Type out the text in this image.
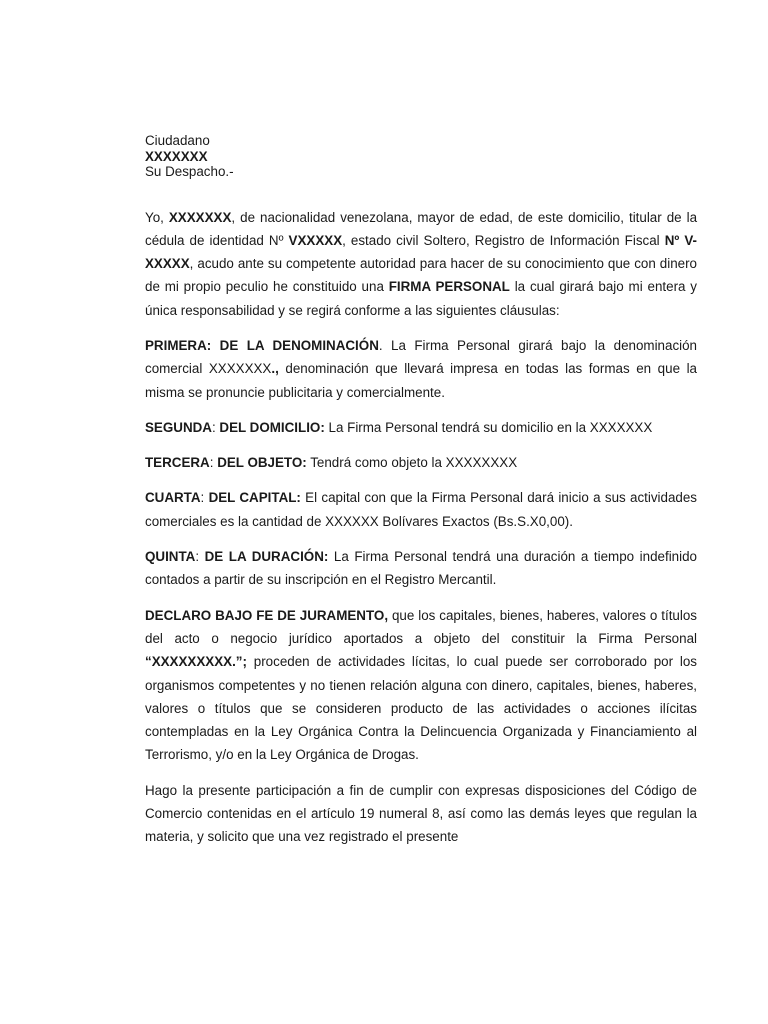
Ciudadano
XXXXXXX
Su Despacho.-

Yo, XXXXXXX, de nacionalidad venezolana, mayor de edad, de este domicilio, titular de la cédula de identidad Nº VXXXXX, estado civil Soltero, Registro de Información Fiscal Nº V-XXXXX, acudo ante su competente autoridad para hacer de su conocimiento que con dinero de mi propio peculio he constituido una FIRMA PERSONAL la cual girará bajo mi entera y única responsabilidad y se regirá conforme a las siguientes cláusulas:

PRIMERA: DE LA DENOMINACIÓN. La Firma Personal girará bajo la denominación comercial XXXXXXX., denominación que llevará impresa en todas las formas en que la misma se pronuncie publicitaria y comercialmente.

SEGUNDA: DEL DOMICILIO: La Firma Personal tendrá su domicilio en la XXXXXXX

TERCERA: DEL OBJETO: Tendrá como objeto la XXXXXXXX

CUARTA: DEL CAPITAL: El capital con que la Firma Personal dará inicio a sus actividades comerciales es la cantidad de XXXXXX Bolívares Exactos (Bs.S.X0,00).

QUINTA: DE LA DURACIÓN: La Firma Personal tendrá una duración a tiempo indefinido contados a partir de su inscripción en el Registro Mercantil.

DECLARO BAJO FE DE JURAMENTO, que los capitales, bienes, haberes, valores o títulos del acto o negocio jurídico aportados a objeto del constituir la Firma Personal “XXXXXXXXX.”; proceden de actividades lícitas, lo cual puede ser corroborado por los organismos competentes y no tienen relación alguna con dinero, capitales, bienes, haberes, valores o títulos que se consideren producto de las actividades o acciones ilícitas contempladas en la Ley Orgánica Contra la Delincuencia Organizada y Financiamiento al Terrorismo, y/o en la Ley Orgánica de Drogas.

Hago la presente participación a fin de cumplir con expresas disposiciones del Código de Comercio contenidas en el artículo 19 numeral 8, así como las demás leyes que regulan la materia, y solicito que una vez registrado el presente
